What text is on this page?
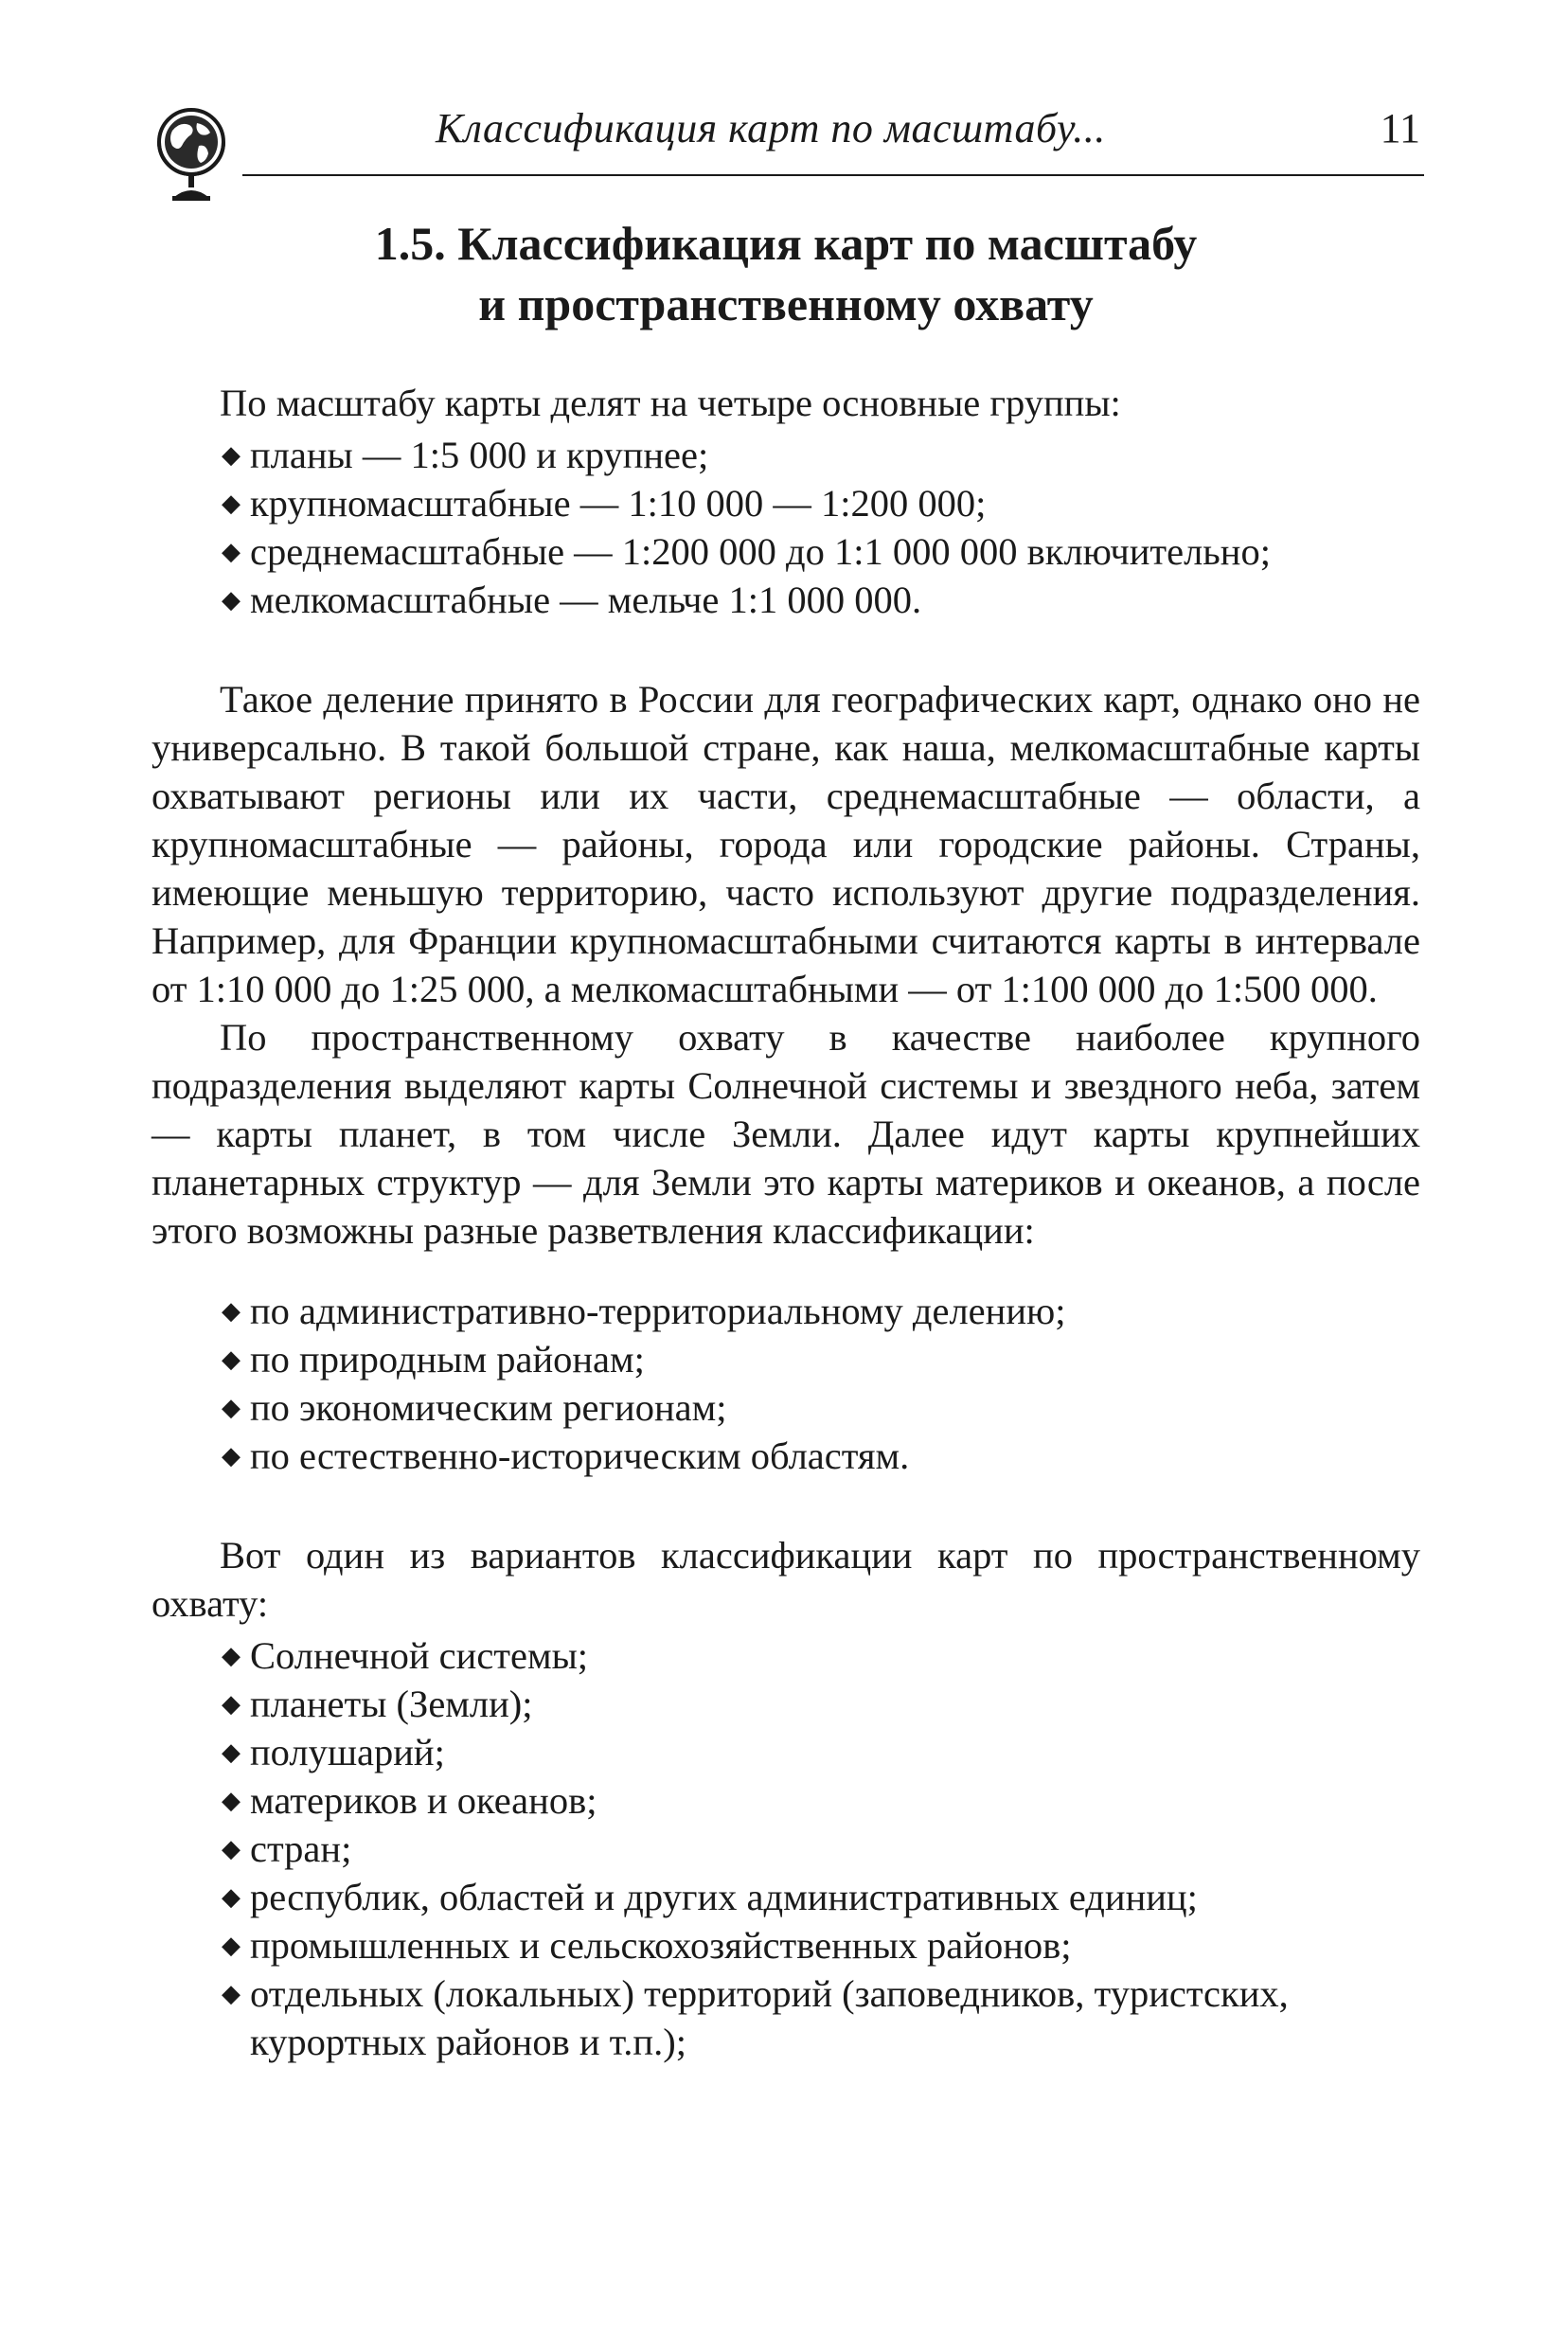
Классификация карт по масштабу...	11
1.5. Классификация карт по масштабу
и пространственному охвату

По масштабу карты делят на четыре основные группы:

◆ планы — 1:5 000 и крупнее;
◆ крупномасштабные — 1:10 000 — 1:200 000;
◆ среднемасштабные — 1:200 000 до 1:1 000 000 включительно;
◆ мелкомасштабные — мельче 1:1 000 000.

Такое деление принято в России для географических карт, однако оно не универсально. В такой большой стране, как наша, мелкомасштабные карты охватывают регионы или их части, среднемасштабные — области, а крупномасштабные — районы, города или городские районы. Страны, имеющие меньшую территорию, часто используют другие подразделения. Например, для Франции крупномасштабными считаются карты в интервале от 1:10 000 до 1:25 000, а мелкомасштабными — от 1:100 000 до 1:500 000.

По пространственному охвату в качестве наиболее крупного подразделения выделяют карты Солнечной системы и звездного неба, затем — карты планет, в том числе Земли. Далее идут карты крупнейших планетарных структур — для Земли это карты материков и океанов, а после этого возможны разные разветвления классификации:

◆ по административно-территориальному делению;
◆ по природным районам;
◆ по экономическим регионам;
◆ по естественно-историческим областям.

Вот один из вариантов классификации карт по пространственному охвату:

◆ Солнечной системы;
◆ планеты (Земли);
◆ полушарий;
◆ материков и океанов;
◆ стран;
◆ республик, областей и других административных единиц;
◆ промышленных и сельскохозяйственных районов;
◆ отдельных (локальных) территорий (заповедников, туристских, курортных районов и т.п.);
